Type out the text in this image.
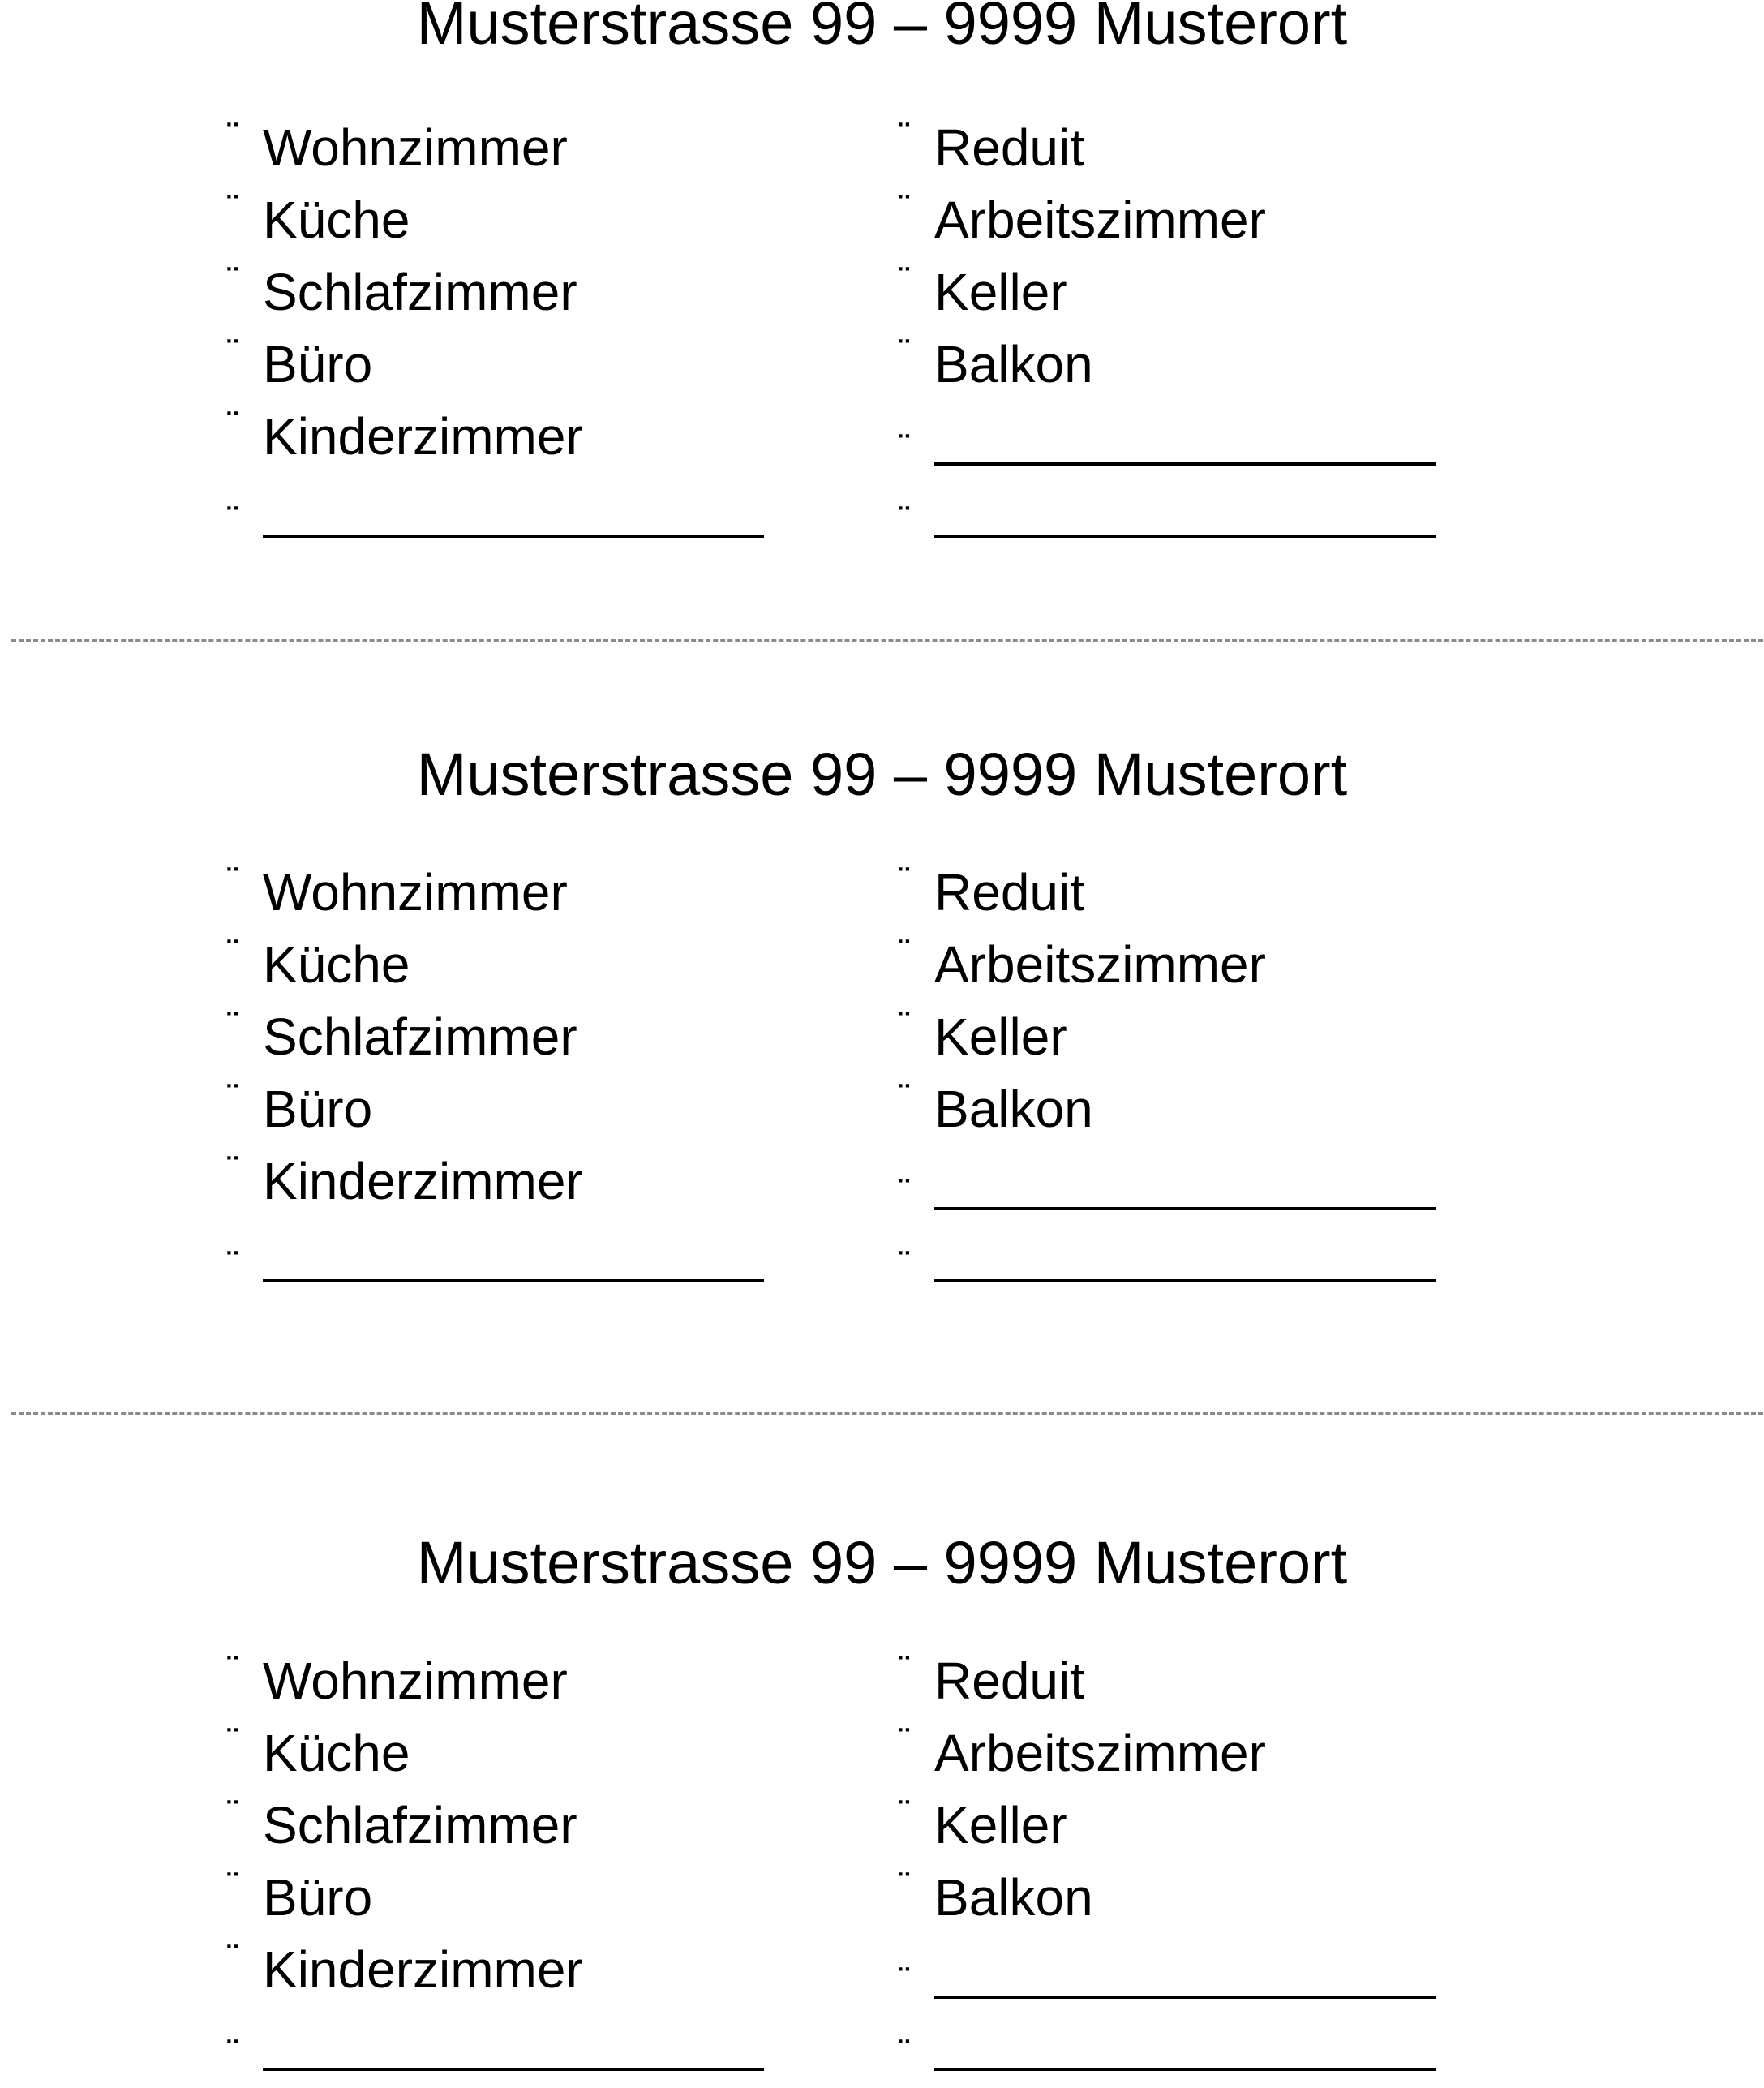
Musterstrasse 99 – 9999 Musterort
¨ Wohnzimmer
¨ Küche
¨ Schlafzimmer
¨ Büro
¨ Kinderzimmer
¨
¨ Reduit
¨ Arbeitszimmer
¨ Keller
¨ Balkon
¨
¨
Musterstrasse 99 – 9999 Musterort
¨ Wohnzimmer
¨ Küche
¨ Schlafzimmer
¨ Büro
¨ Kinderzimmer
¨
¨ Reduit
¨ Arbeitszimmer
¨ Keller
¨ Balkon
¨
¨
Musterstrasse 99 – 9999 Musterort
¨ Wohnzimmer
¨ Küche
¨ Schlafzimmer
¨ Büro
¨ Kinderzimmer
¨
¨ Reduit
¨ Arbeitszimmer
¨ Keller
¨ Balkon
¨
¨
